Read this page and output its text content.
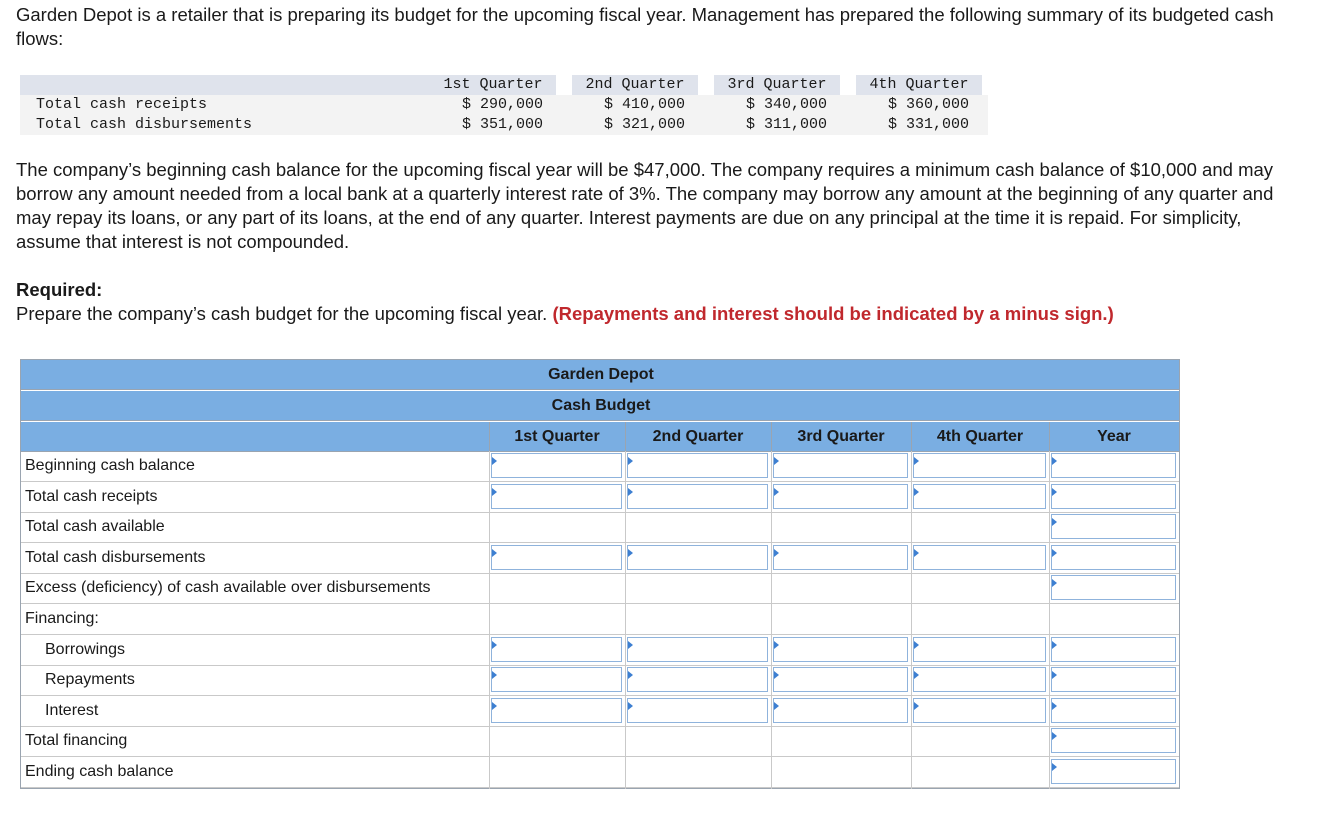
Garden Depot is a retailer that is preparing its budget for the upcoming fiscal year. Management has prepared the following summary of its budgeted cash flows:

1st Quarter	2nd Quarter	3rd Quarter	4th Quarter
Total cash receipts	$ 290,000	$ 410,000	$ 340,000	$ 360,000
Total cash disbursements	$ 351,000	$ 321,000	$ 311,000	$ 331,000

The company’s beginning cash balance for the upcoming fiscal year will be $47,000. The company requires a minimum cash balance of $10,000 and may borrow any amount needed from a local bank at a quarterly interest rate of 3%. The company may borrow any amount at the beginning of any quarter and may repay its loans, or any part of its loans, at the end of any quarter. Interest payments are due on any principal at the time it is repaid. For simplicity, assume that interest is not compounded.

Required:

Prepare the company’s cash budget for the upcoming fiscal year. (Repayments and interest should be indicated by a minus sign.)

Garden Depot
Cash Budget
1st Quarter	2nd Quarter	3rd Quarter	4th Quarter	Year
Beginning cash balance
Total cash receipts
Total cash available
Total cash disbursements
Excess (deficiency) of cash available over disbursements
Financing:
Borrowings
Repayments
Interest
Total financing
Ending cash balance
